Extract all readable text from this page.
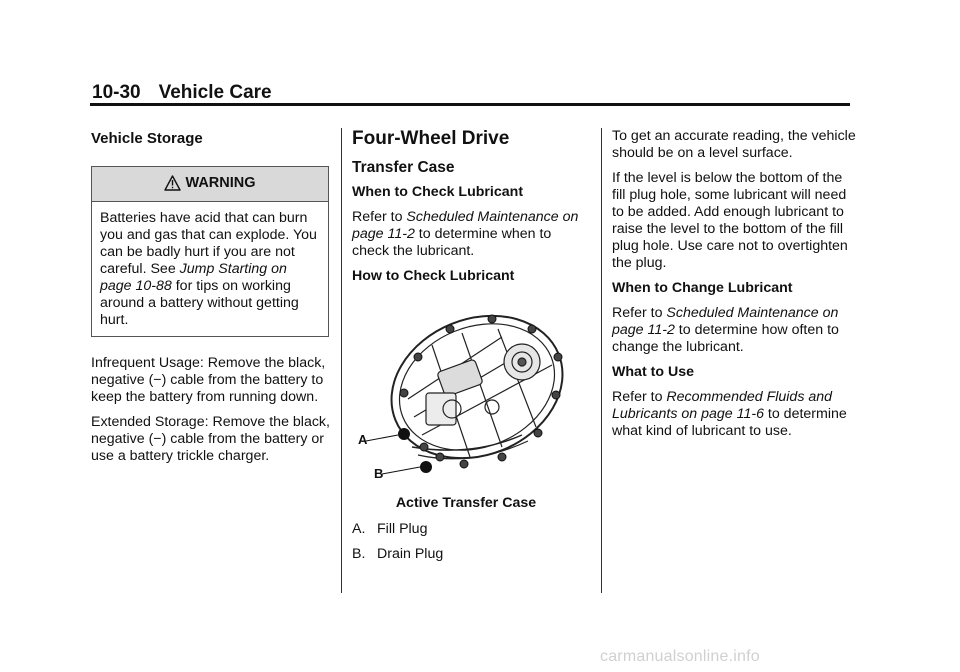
10-30 Vehicle Care
Vehicle Storage
WARNING
Batteries have acid that can burn you and gas that can explode. You can be badly hurt if you are not careful. See Jump Starting on page 10-88 for tips on working around a battery without getting hurt.

Infrequent Usage: Remove the black, negative (−) cable from the battery to keep the battery from running down.

Extended Storage: Remove the black, negative (−) cable from the battery or use a battery trickle charger.

Four-Wheel Drive
Transfer Case
When to Check Lubricant

Refer to Scheduled Maintenance on page 11-2 to determine when to check the lubricant.

How to Check Lubricant
A
B
Active Transfer Case
A. Fill Plug
B. Drain Plug

To get an accurate reading, the vehicle should be on a level surface.

If the level is below the bottom of the fill plug hole, some lubricant will need to be added. Add enough lubricant to raise the level to the bottom of the fill plug hole. Use care not to overtighten the plug.

When to Change Lubricant

Refer to Scheduled Maintenance on page 11-2 to determine how often to change the lubricant.

What to Use

Refer to Recommended Fluids and Lubricants on page 11-6 to determine what kind of lubricant to use.

carmanualsonline.info
